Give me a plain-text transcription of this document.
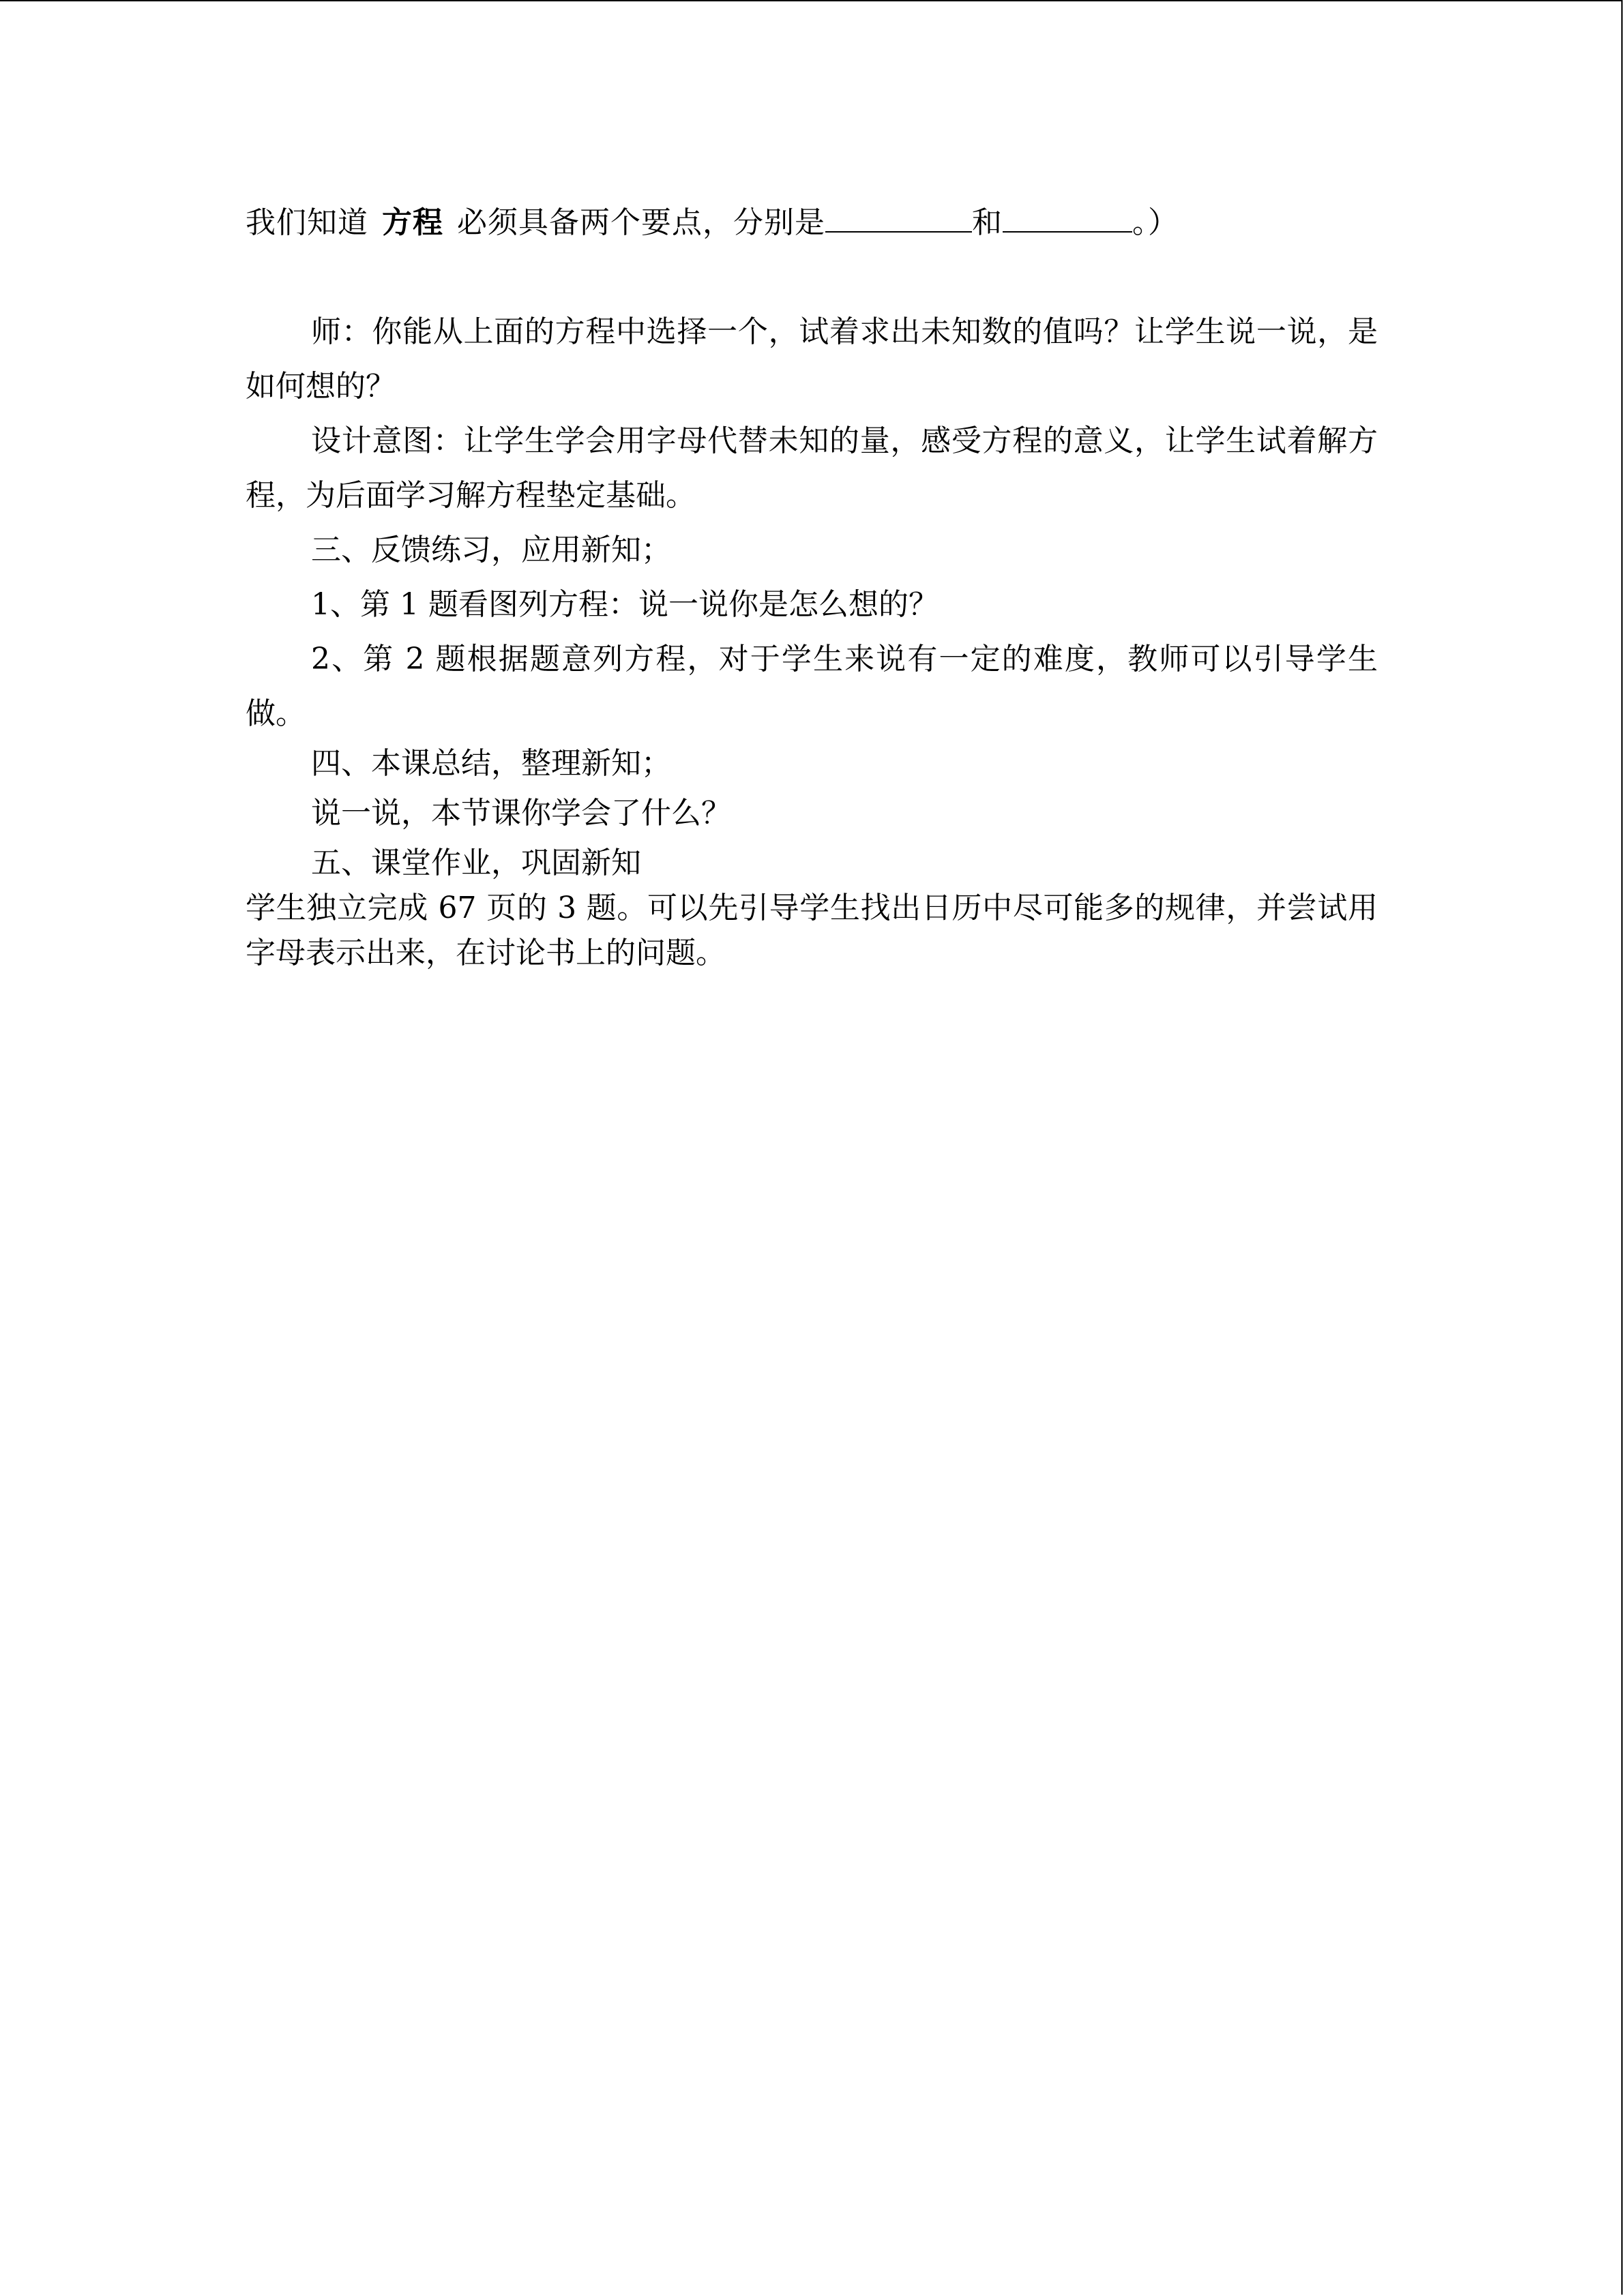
我们知道 方程 必须具备两个要点，分别是	和	。）

师：你能从上面的方程中选择一个，试着求出未知数的值吗？让学生说一说，是如何想的？

设计意图：让学生学会用字母代替未知的量，感受方程的意义，让学生试着解方程，为后面学习解方程垫定基础。

三、反馈练习，应用新知；

1、第 1 题看图列方程：说一说你是怎么想的？

2、第 2 题根据题意列方程，对于学生来说有一定的难度，教师可以引导学生做。

四、本课总结，整理新知；

说一说，本节课你学会了什么？

五、课堂作业，巩固新知

学生独立完成 67 页的 3 题。可以先引导学生找出日历中尽可能多的规律，并尝试用字母表示出来，在讨论书上的问题。
